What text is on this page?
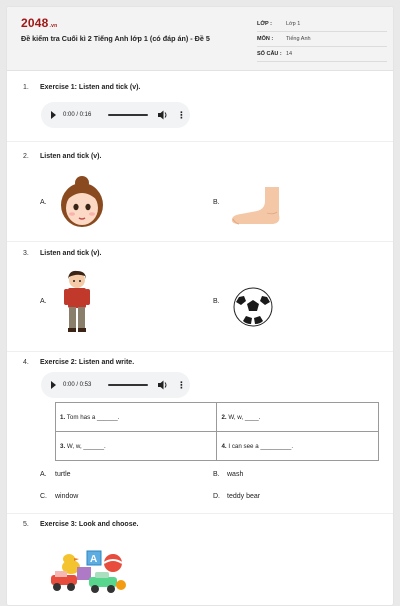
2048.vn
Đề kiểm tra Cuối kì 2 Tiếng Anh lớp 1 (có đáp án) - Đề 5
LỚP :	Lớp 1
MÔN :	Tiếng Anh
SỐ CÂU : 14
1. Exercise 1: Listen and tick (v).
0:00 / 0:16	⋮
2. Listen and tick (v).
A.	B.
3. Listen and tick (v).
A.	B.
4. Exercise 2: Listen and write.
0:00 / 0:53	⋮
1. Tom has a ______.	2. W, w, ____.
3. W, w, ______.	4. I can see a _________.
A. turtle	B. wash
C. window	D. teddy bear
5. Exercise 3: Look and choose.
A
